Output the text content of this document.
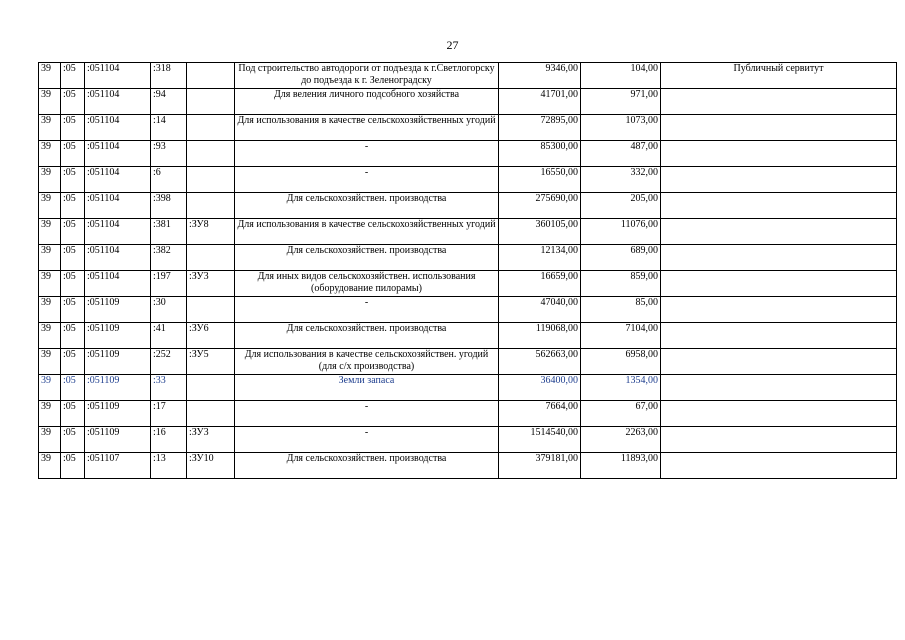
27
39	:05	:051104	:318		Под строительство автодороги от подъезда к г.Светлогорску до подъезда к г. Зеленоградску	9346,00	104,00	Публичный сервитут
39	:05	:051104	:94		Для веления личного подсобного хозяйства	41701,00	971,00	
39	:05	:051104	:14		Для использования в качестве сельскохозяйственных угодий	72895,00	1073,00	
39	:05	:051104	:93		-	85300,00	487,00	
39	:05	:051104	:6		-	16550,00	332,00	
39	:05	:051104	:398		Для сельскохозяйствен. производства	275690,00	205,00	
39	:05	:051104	:381	:ЗУ8	Для использования в качестве сельскохозяйственных угодий	360105,00	11076,00	
39	:05	:051104	:382		Для сельскохозяйствен. производства	12134,00	689,00	
39	:05	:051104	:197	:ЗУ3	Для иных видов сельскохозяйствен. использования (оборудование пилорамы)	16659,00	859,00	
39	:05	:051109	:30		-	47040,00	85,00	
39	:05	:051109	:41	:ЗУ6	Для сельскохозяйствен. производства	119068,00	7104,00	
39	:05	:051109	:252	:ЗУ5	Для использования в качестве сельскохозяйствен. угодий (для с/х производства)	562663,00	6958,00	
39	:05	:051109	:33		Земли запаса	36400,00	1354,00	
39	:05	:051109	:17		-	7664,00	67,00	
39	:05	:051109	:16	:ЗУ3	-	1514540,00	2263,00	
39	:05	:051107	:13	:ЗУ10	Для сельскохозяйствен. производства	379181,00	11893,00	
